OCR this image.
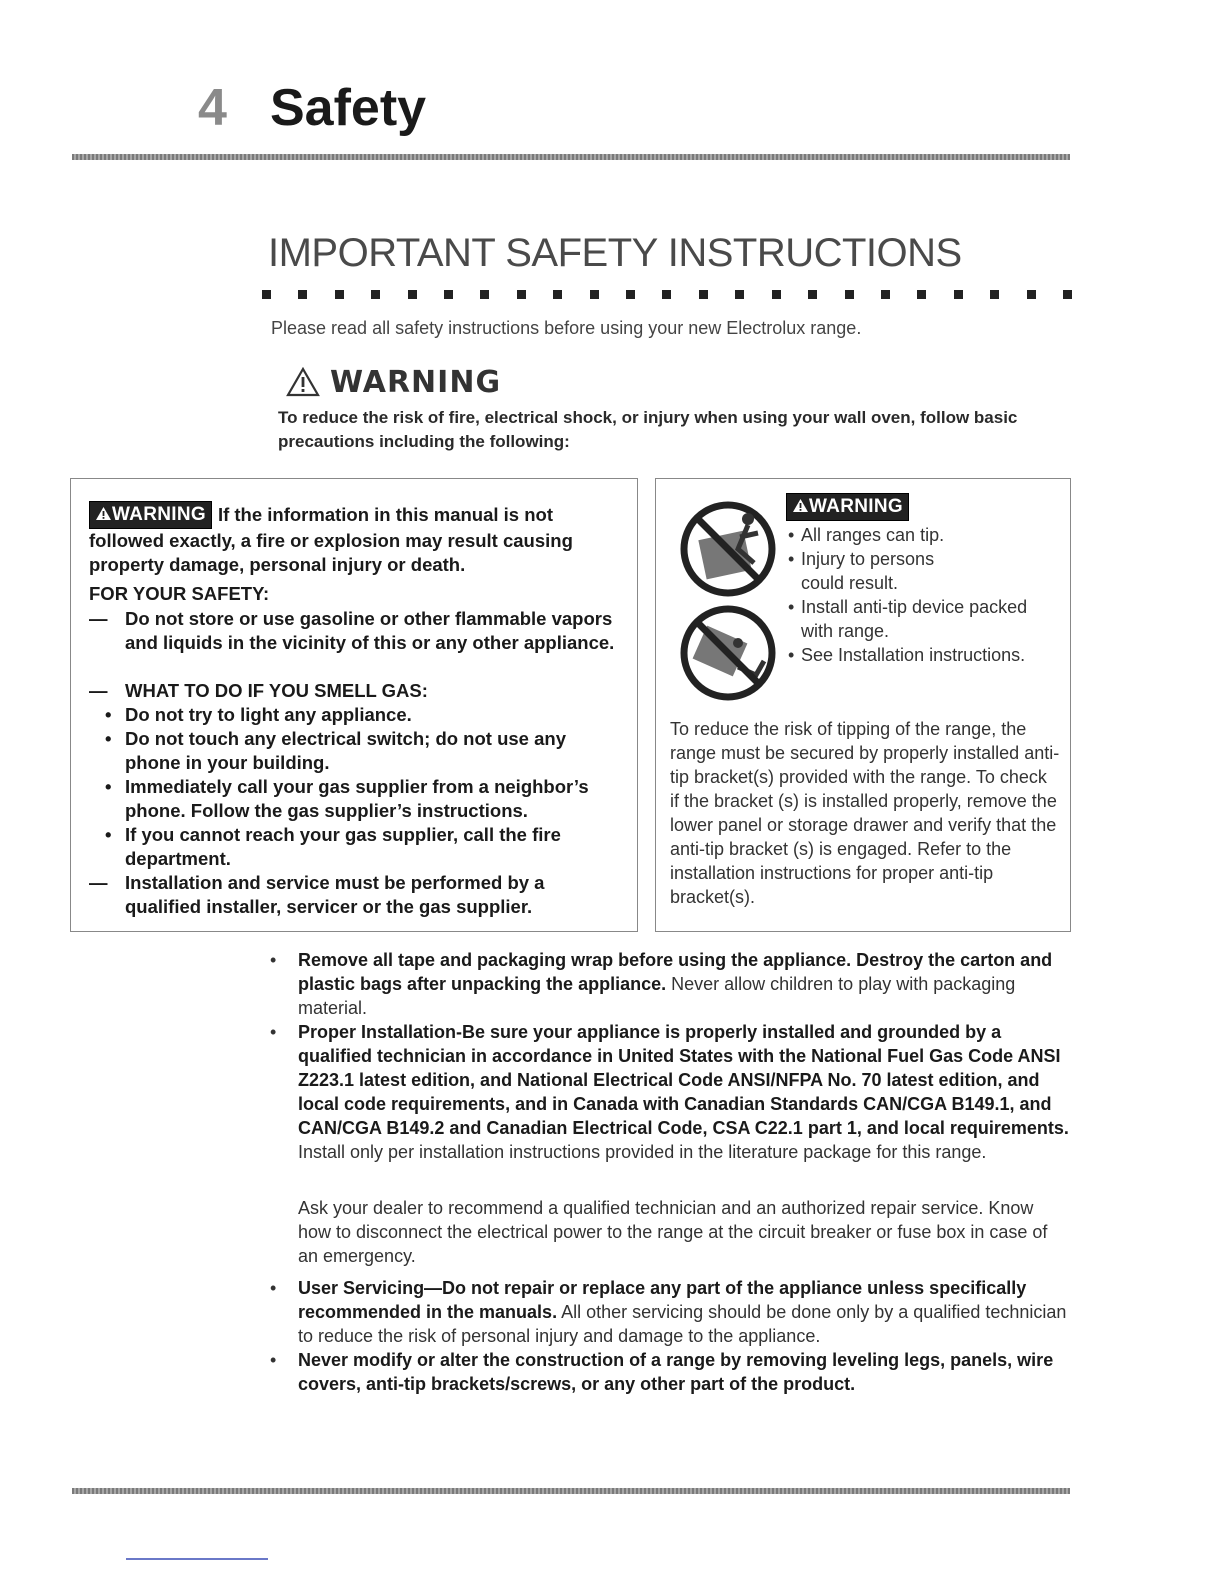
4 Safety
IMPORTANT SAFETY INSTRUCTIONS
Please read all safety instructions before using your new Electrolux range.
WARNING
To reduce the risk of fire, electrical shock, or injury when using your wall oven, follow basic precautions including the following:
WARNING If the information in this manual is not followed exactly, a fire or explosion may result causing property damage, personal injury or death.
FOR YOUR SAFETY:
— Do not store or use gasoline or other flammable vapors and liquids in the vicinity of this or any other appliance.
— WHAT TO DO IF YOU SMELL GAS:
• Do not try to light any appliance.
• Do not touch any electrical switch; do not use any phone in your building.
• Immediately call your gas supplier from a neighbor’s phone. Follow the gas supplier’s instructions.
• If you cannot reach your gas supplier, call the fire department.
— Installation and service must be performed by a qualified installer, servicer or the gas supplier.
WARNING
• All ranges can tip.
• Injury to persons could result.
• Install anti-tip device packed with range.
• See Installation instructions.
To reduce the risk of tipping of the range, the range must be secured by properly installed anti-tip bracket(s) provided with the range. To check if the bracket (s) is installed properly, remove the lower panel or storage drawer and verify that the anti-tip bracket (s) is engaged. Refer to the installation instructions for proper anti-tip bracket(s).
•	Remove all tape and packaging wrap before using the appliance. Destroy the carton and plastic bags after unpacking the appliance. Never allow children to play with packaging material.
•	Proper Installation-Be sure your appliance is properly installed and grounded by a qualified technician in accordance in United States with the National Fuel Gas Code ANSI Z223.1 latest edition, and National Electrical Code ANSI/NFPA No. 70 latest edition, and local code requirements, and in Canada with Canadian Standards CAN/CGA B149.1, and CAN/CGA B149.2 and Canadian Electrical Code, CSA C22.1 part 1, and local requirements. Install only per installation instructions provided in the literature package for this range.
Ask your dealer to recommend a qualified technician and an authorized repair service. Know how to disconnect the electrical power to the range at the circuit breaker or fuse box in case of an emergency.
•	User Servicing—Do not repair or replace any part of the appliance unless specifically recommended in the manuals. All other servicing should be done only by a qualified technician to reduce the risk of personal injury and damage to the appliance.
•	Never modify or alter the construction of a range by removing leveling legs, panels, wire covers, anti-tip brackets/screws, or any other part of the product.
